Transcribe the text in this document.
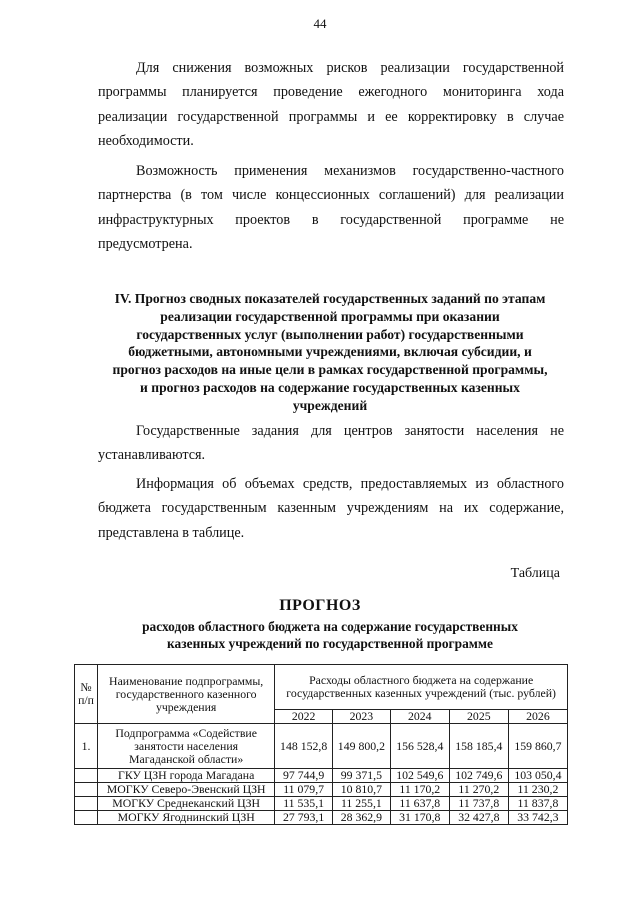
44

Для снижения возможных рисков реализации государственной программы планируется проведение ежегодного мониторинга хода реализации государственной программы и ее корректировку в случае необходимости.

Возможность применения механизмов государственно-частного партнерства (в том числе концессионных соглашений) для реализации инфраструктурных проектов в государственной программе не предусмотрена.

IV. Прогноз сводных показателей государственных заданий по этапам реализации государственной программы при оказании государственных услуг (выполнении работ) государственными бюджетными, автономными учреждениями, включая субсидии, и прогноз расходов на иные цели в рамках государственной программы, и прогноз расходов на содержание государственных казенных учреждений

Государственные задания для центров занятости населения не устанавливаются.

Информация об объемах средств, предоставляемых из областного бюджета государственным казенным учреждениям на их содержание, представлена в таблице.

Таблица
ПРОГНОЗ

расходов областного бюджета на содержание государственных казенных учреждений по государственной программе

№ п/п	Наименование подпрограммы, государственного казенного учреждения	Расходы областного бюджета на содержание государственных казенных учреждений (тыс. рублей)				
		2022	2023	2024	2025	2026
1.	Подпрограмма «Содействие занятости населения Магаданской области»	148 152,8	149 800,2	156 528,4	158 185,4	159 860,7
	ГКУ ЦЗН города Магадана	97 744,9	99 371,5	102 549,6	102 749,6	103 050,4
	МОГКУ Северо-Эвенский ЦЗН	11 079,7	10 810,7	11 170,2	11 270,2	11 230,2
	МОГКУ Среднеканский ЦЗН	11 535,1	11 255,1	11 637,8	11 737,8	11 837,8
	МОГКУ Ягоднинский ЦЗН	27 793,1	28 362,9	31 170,8	32 427,8	33 742,3
